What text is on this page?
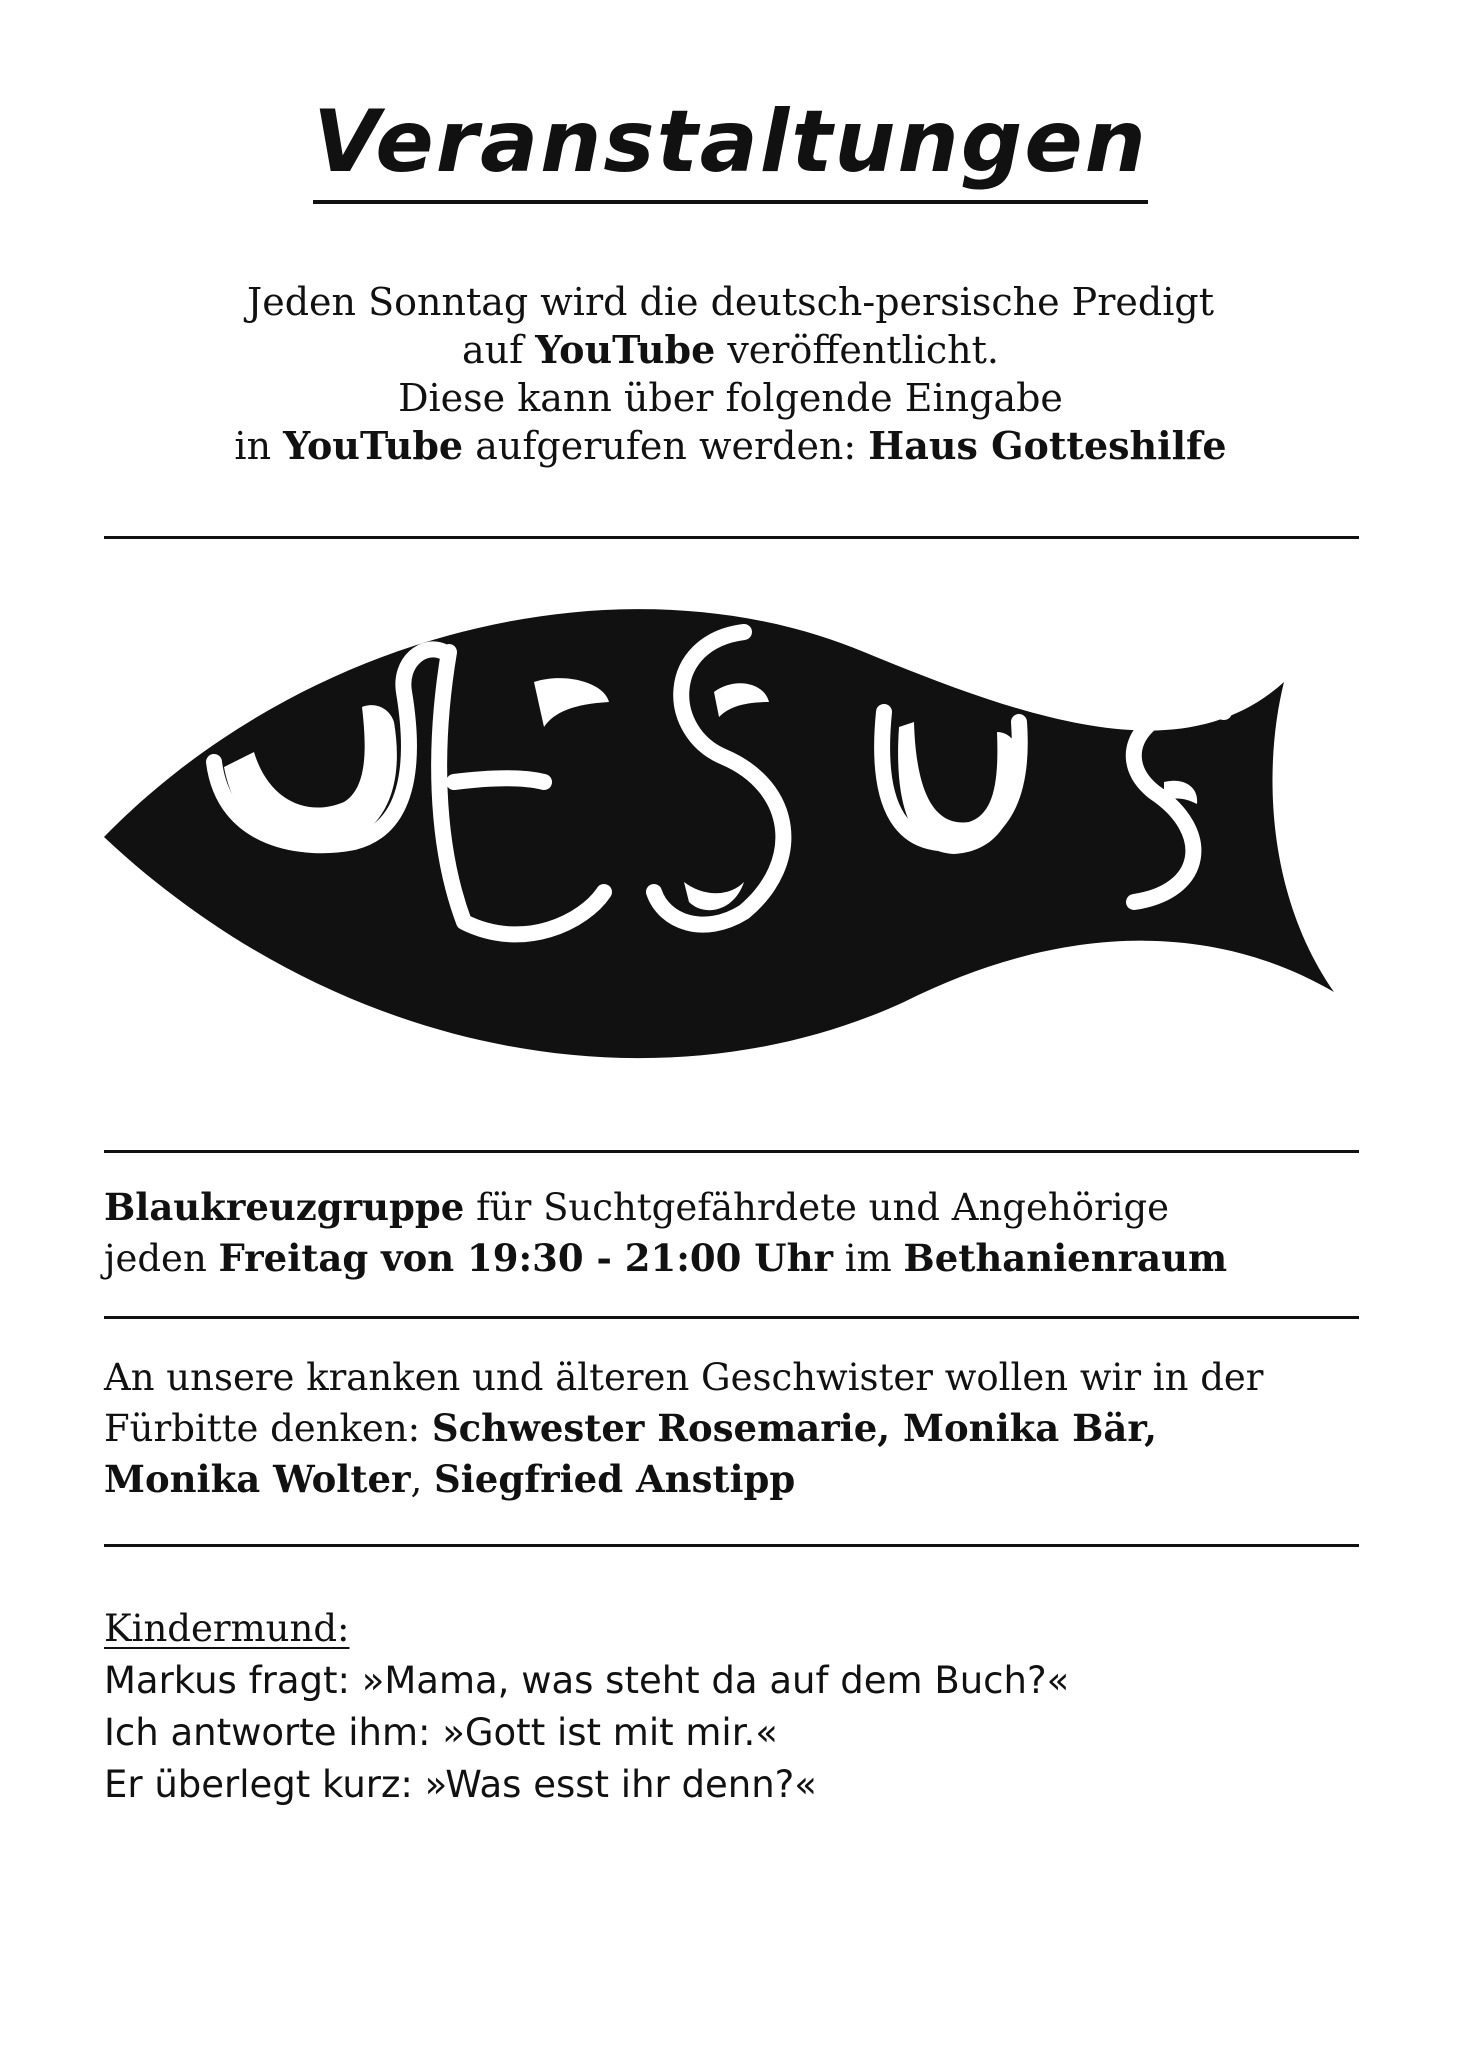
Veranstaltungen
Jeden Sonntag wird die deutsch-persische Predigt
auf YouTube veröffentlicht.
Diese kann über folgende Eingabe
in YouTube aufgerufen werden: Haus Gotteshilfe
Blaukreuzgruppe für Suchtgefährdete und Angehörige
jeden Freitag von 19:30 - 21:00 Uhr im Bethanienraum
An unsere kranken und älteren Geschwister wollen wir in der
Fürbitte denken: Schwester Rosemarie, Monika Bär,
Monika Wolter, Siegfried Anstipp
Kindermund:
Markus fragt: »Mama, was steht da auf dem Buch?«
Ich antworte ihm: »Gott ist mit mir.«
Er überlegt kurz: »Was esst ihr denn?«
